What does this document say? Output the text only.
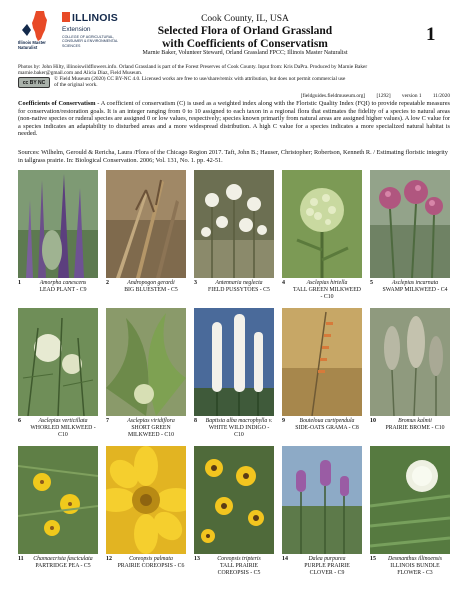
Illinois Master Naturalist
ILLINOIS
Extension
COLLEGE OF AGRICULTURAL, CONSUMER & ENVIRONMENTAL SCIENCES
Cook County, IL, USA
Selected Flora of Orland Grassland
with Coefficients of Conservatism
Marnie Baker, Volunteer Steward, Orland Grassland FPCC; Illinois Master Naturalist
1
Photos by: John Hilty, illinoiswildflowers.info. Orland Grassland is part of the Forest Preserves of Cook County. Input from: Kris DaPra. Produced by Marnie Baker
marnie.baker@gmail.com and Alicia Diaz, Field Museum.
cc BY NC
© Field Museum (2020) CC BY-NC 4.0. Licensed works are free to use/share/remix with attribution, but does not permit commercial use
of the original work.
[fieldguides.fieldmuseum.org] [1292] version 1 11/2020
Coefficients of Conservatism - A coefficient of conservatism (C) is used as a weighted index along with the Floristic Quality Index (FQI) to provide repeatable measures for conservation/restoration goals. It is an integer ranging from 0 to 10 assigned to each taxon in a regional flora that estimates the fidelity of a species to natural areas (non-native species or ruderal species are assigned 0 or low values, respectively; species known primarily from natural areas are assigned higher values). A low C value for a species indicates an adaptability to disturbed areas and a more widespread distribution. A high C value for a species indicates a more specialized natural habitat is needed.
Sources: Wilhelm, Gerould & Rericha, Laura /Flora of the Chicago Region 2017. Taft, John B.; Hauser, Christopher; Robertson, Kenneth R. / Estimating floristic integrity in tallgrass prairie. In: Biological Conservation. 2006; Vol. 131, No. 1. pp. 42-51.
1	Amorpha canescens
LEAD PLANT - C9
2	Andropogon gerardi
BIG BLUESTEM - C5
3	Antennaria neglecta
FIELD PUSSYTOES - C5
4	Asclepias hirtella
TALL GREEN MILKWEED - C10
5	Asclepias incarnata
SWAMP MILKWEED - C4
6	Asclepias verticillata
WHORLED MILKWEED - C10
7	Asclepias viridiflora
SHORT GREEN MILKWEED - C10
8 Baptisia alba macrophylla v.
WHITE WILD INDIGO - C10
9	Bouteloua curtipendula
SIDE-OATS GRAMA - C8
10	Bromus kalmii
PRAIRIE BROME - C10
11	Chamaecrista fasciculata
PARTRIDGE PEA - C5
12	Coreopsis palmata
PRAIRIE COREOPSIS - C6
13	Coreopsis tripteris
TALL PRAIRIE COREOPSIS - C5
14	Dalea purpurea
PURPLE PRAIRIE CLOVER - C9
15	Desmanthus illinoensis
ILLINOIS BUNDLE FLOWER - C3
